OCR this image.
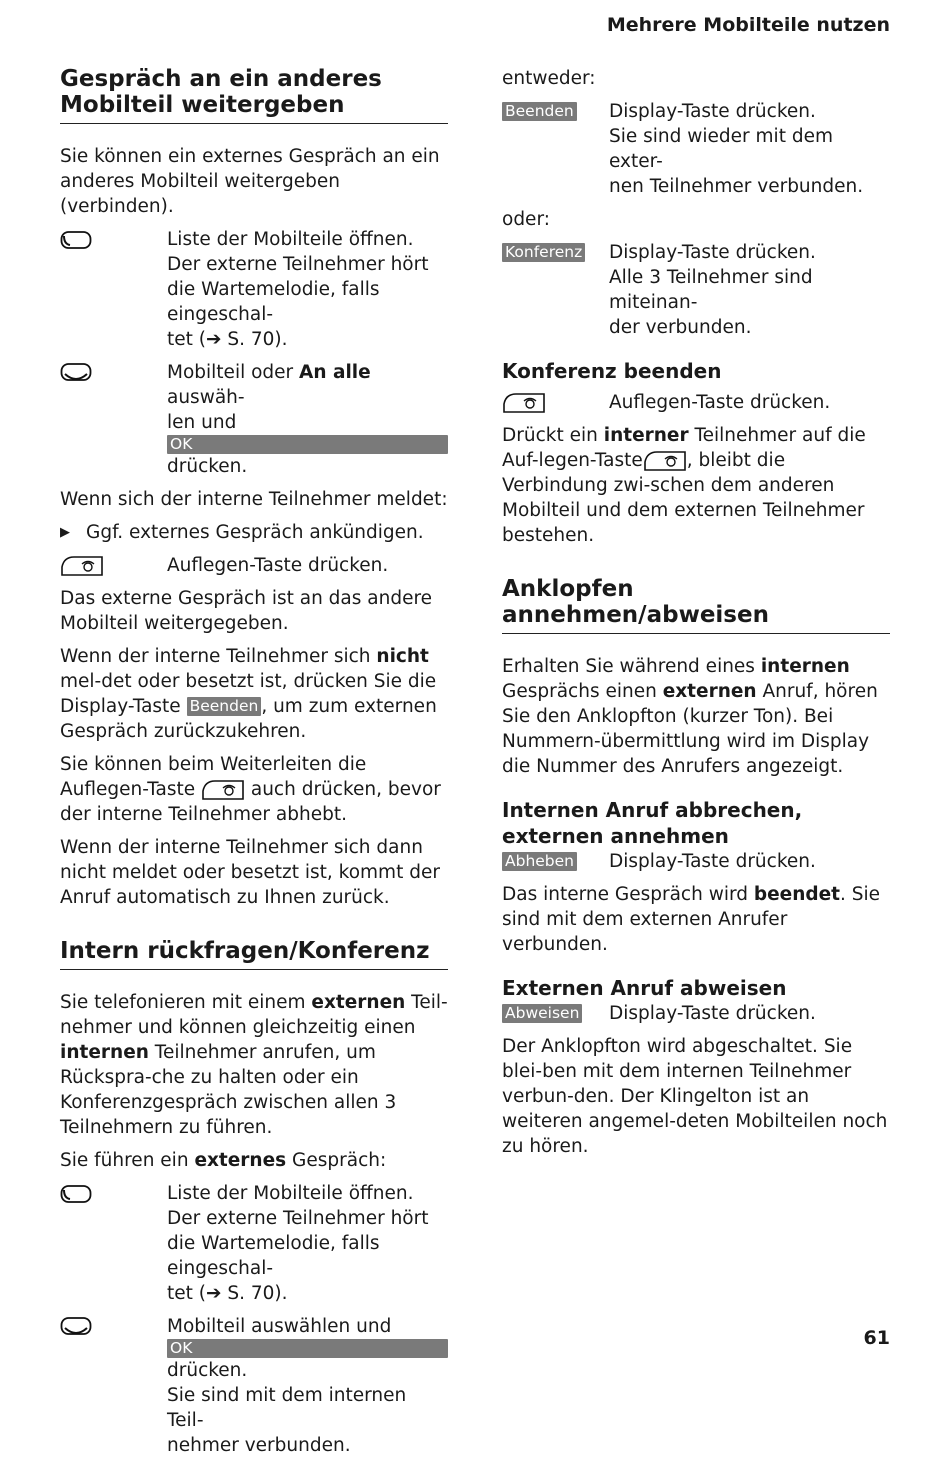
Mehrere Mobilteile nutzen
Gespräch an ein anderes Mobilteil weitergeben

Sie können ein externes Gespräch an ein anderes Mobilteil weitergeben (verbinden).

Liste der Mobilteile öffnen.
Der externe Teilnehmer hört die Wartemelodie, falls eingeschal-
tet (➔ S. 70).
Mobilteil oder An alle auswäh-
len und
OK
drücken.

Wenn sich der interne Teilnehmer meldet:

▶ Ggf. externes Gespräch ankündigen.
Auflegen-Taste drücken.

Das externe Gespräch ist an das andere Mobilteil weitergegeben.

Wenn der interne Teilnehmer sich nicht mel-det oder besetzt ist, drücken Sie die Display-Taste Beenden , um zum externen Gespräch zurückzukehren.

Sie können beim Weiterleiten die Auflegen-Taste  auch drücken, bevor der interne Teilnehmer abhebt.

Wenn der interne Teilnehmer sich dann nicht meldet oder besetzt ist, kommt der Anruf automatisch zu Ihnen zurück.

Intern rückfragen/Konferenz

Sie telefonieren mit einem externen Teil-nehmer und können gleichzeitig einen internen Teilnehmer anrufen, um Rückspra-che zu halten oder ein Konferenzgespräch zwischen allen 3 Teilnehmern zu führen.

Sie führen ein externes Gespräch:

Liste der Mobilteile öffnen.
Der externe Teilnehmer hört die Wartemelodie, falls eingeschal-
tet (➔ S. 70).
Mobilteil auswählen und
OK
drücken.
Sie sind mit dem internen Teil-
nehmer verbunden.

entweder:

Beenden	Display-Taste drücken.
Sie sind wieder mit dem exter-
nen Teilnehmer verbunden.

oder:

Konferenz	Display-Taste drücken.
Alle 3 Teilnehmer sind miteinan-
der verbunden.
Konferenz beenden
Auflegen-Taste drücken.

Drückt ein interner Teilnehmer auf die Auf-legen-Taste , bleibt die Verbindung zwi-schen dem anderen Mobilteil und dem externen Teilnehmer bestehen.

Anklopfen annehmen/abweisen

Erhalten Sie während eines internen Gesprächs einen externen Anruf, hören Sie den Anklopfton (kurzer Ton). Bei Nummern-übermittlung wird im Display die Nummer des Anrufers angezeigt.

Internen Anruf abbrechen, externen annehmen
Abheben	Display-Taste drücken.

Das interne Gespräch wird beendet. Sie sind mit dem externen Anrufer verbunden.

Externen Anruf abweisen
Abweisen	Display-Taste drücken.

Der Anklopfton wird abgeschaltet. Sie blei-ben mit dem internen Teilnehmer verbun-den. Der Klingelton ist an weiteren angemel-deten Mobilteilen noch zu hören.

61
